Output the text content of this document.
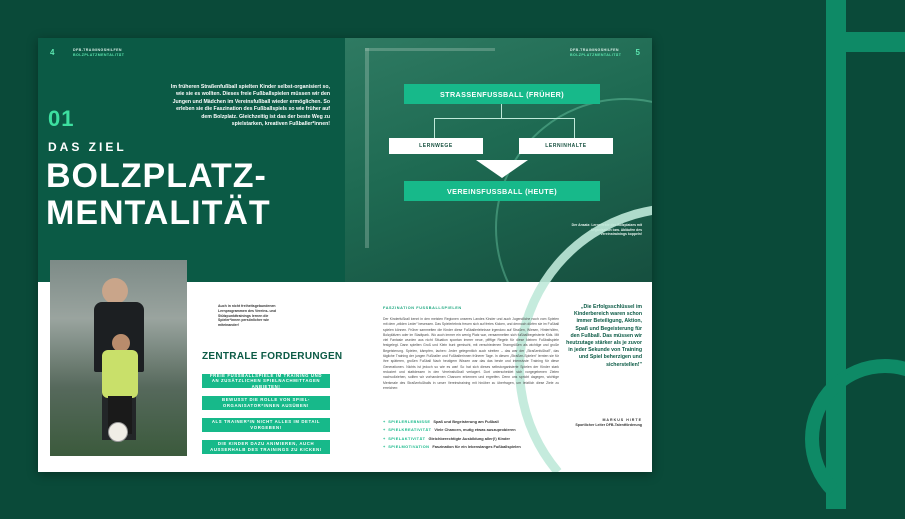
4	DFB-TRAININGSHILFEN
BOLZPLATZMENTALITÄT
Im früheren Straßenfußball spielten Kinder selbst-organisiert so, wie sie es wollten. Dieses freie Fußballspielen müssen wir den Jungen und Mädchen im Vereinsfußball wieder ermöglichen. So erleben sie die Faszination des Fußballspiels so wie früher auf dem Bolzplatz. Gleichzeitig ist das der beste Weg zu spielstarken, kreativen Fußballer*innen!
01
DAS ZIEL
BOLZPLATZ-
MENTALITÄT
5
DFB-TRAININGSHILFEN
BOLZPLATZMENTALITÄT
STRASSENFUSSBALL (FRÜHER)
LERNWEGE	LERNINHALTE
VEREINSFUSSBALL (HEUTE)
Der Ansatz: Lerneffekte des Bolzplatzes mit Organisation bzw. Abläufen des Vereinstrainings koppeln!
Auch in nicht freiheitsgebundenen Lernprogrammen des Vereins- und Stützpunkttrainings lernen die Spieler*innen persönlicher wie miteinander!
ZENTRALE FORDERUNGEN
FREIE FUSSBALLSPIELE IM TRAINING UND AN ZUSÄTZLICHEN SPIELNACHMITTAGEN ANBIETEN!
BEWUSST DIE ROLLE VON SPIEL-ORGANISATOR*INNEN AUSÜBEN!
ALS TRAINER*IN NICHT ALLES IM DETAIL VORGEBEN!
DIE KINDER DAZU ANIMIEREN, AUCH AUSSERHALB DES TRAININGS ZU KICKEN!
FASZINATION FUSSBALLSPIELEN
Der Kinderfußball kennt in den meisten Regionen unseres Landes Kinder und auch Jugendliche noch vom Spielen mit dem „wilden Leder" besessen. Das Spielerlebnis freuen sich auf freies Kicken, und dennoch dürfen sie im Fußball spielen können. Früher sammelten die Kinder diese Fußballerlebnisse irgendwo auf Straßen, Wiesen, Hinterhöfen, Bolzplätzen oder im Stadtpark. Wo auch immer ein wenig Platz war, versammelten sich fußballbegeisterte Kids. Mit viel Fantasie wurden aus nicht Situation spontan immer neue, pfiffige Regeln für diese kleinen Fußballspiele festgelegt. Dann spielten Groß und Klein bunt gemischt, mit verschiedenen Teamgrößen als wichtige und große Begeisterung. Spielen, kämpfen, lachen: Jeder gelegentlich auch streiten – das war der „Straßenfußball", das tägliche Training der jungen Fußballer und Fußballerinnen früherer Tage. In diesen „Straßen-Spielen" lernten sie für ihre späteren, großen Fußball Nach heutigem Wissen war das das beste und intensivste Training für diese Generationen. Nichts ist jedoch so wie es war! So hat sich dieses selbstorganisierte Spielen der Kinder stark reduziert und stattdessen in den Vereinsfußball verlagert. Dort unterscheidet sich vorgegebenen Zielen nachvollziehen, sollten wir vorhandenen Chancen erkennen und ergreifen. Denn uns spricht dagegen, wichtige Merkmale des Straßenfußballs in unser Vereinstraining mit hinüber zu überfragen, um letztlich diese Ziele zu erreichen:
+ SPIELERLEBNISSE Spaß und Begeisterung am Fußball
+ SPIELKREATIVITÄT Viele Chancen, mutig etwas auszuprobieren
+ SPIELAKTIVITÄT Gleichberechtigte Ausbildung aller(!) Kinder
+ SPIELMOTIVATION Faszination für ein lebenslanges Fußballspielen
„Die Erfolgsschlüssel im Kinderbereich waren schon immer Beteiligung, Aktion, Spaß und Begeisterung für den Fußball. Das müssen wir heutzutage stärker als je zuvor in jeder Sekunde von Training und Spiel beherzigen und sicherstellen!"
MARKUS HIRTE
Sportlicher Leiter DFB-Talentförderung
